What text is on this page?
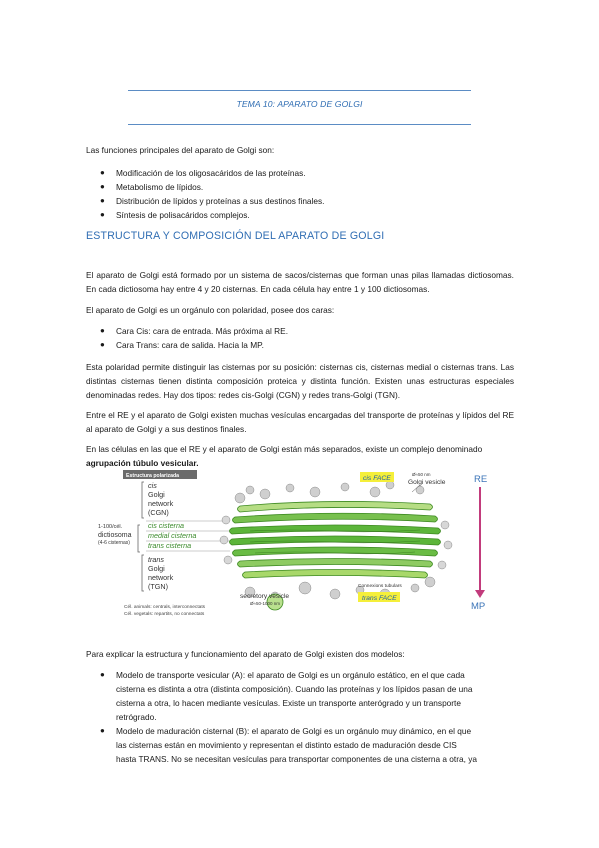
TEMA 10: APARATO DE GOLGI

Las funciones principales del aparato de Golgi son:

● Modificación de los oligosacáridos de las proteínas.
● Metabolismo de lípidos.
● Distribución de lípidos y proteínas a sus destinos finales.
● Síntesis de polisacáridos complejos.
ESTRUCTURA Y COMPOSICIÓN DEL APARATO DE GOLGI

El aparato de Golgi está formado por un sistema de sacos/cisternas que forman unas pilas llamadas dictiosomas. En cada dictiosoma hay entre 4 y 20 cisternas. En cada célula hay entre 1 y 100 dictiosomas.

El aparato de Golgi es un orgánulo con polaridad, posee dos caras:

● Cara Cis: cara de entrada. Más próxima al RE.
● Cara Trans: cara de salida. Hacia la MP.

Esta polaridad permite distinguir las cisternas por su posición: cisternas cis, cisternas medial o cisternas trans. Las distintas cisternas tienen distinta composición proteica y distinta función. Existen unas estructuras especiales denominadas redes. Hay dos tipos: redes cis-Golgi (CGN) y redes trans-Golgi (TGN).

Entre el RE y el aparato de Golgi existen muchas vesículas encargadas del transporte de proteínas y lípidos del RE al aparato de Golgi y a sus destinos finales.

En las células en las que el RE y el aparato de Golgi están más separados, existe un complejo denominado

agrupación túbulo vesicular.

Estructura polarizada
cis
Golgi
network
(CGN)
1-100/cél.
dictiosoma
(4-6 cisternas)
cis cisterna
medial cisterna
trans cisterna
trans
Golgi
network
(TGN)
Cél. animals: centrals, interconnectats
Cél. vegetals: repartits, no connectats
cis FACE
Ø≈50 nm
Golgi vesicle	RE
MP
secretory vesicle
Ø≈50-1000 nm
Connexions tubulars
trans FACE

Para explicar la estructura y funcionamiento del aparato de Golgi existen dos modelos:

● Modelo de transporte vesicular (A): el aparato de Golgi es un orgánulo estático, en el que cada
cisterna es distinta a otra (distinta composición). Cuando las proteínas y los lípidos pasan de una
cisterna a otra, lo hacen mediante vesículas. Existe un transporte anterógrado y un transporte
retrógrado.
● Modelo de maduración cisternal (B): el aparato de Golgi es un orgánulo muy dinámico, en el que
las cisternas están en movimiento y representan el distinto estado de maduración desde CIS
hasta TRANS. No se necesitan vesículas para transportar componentes de una cisterna a otra, ya
